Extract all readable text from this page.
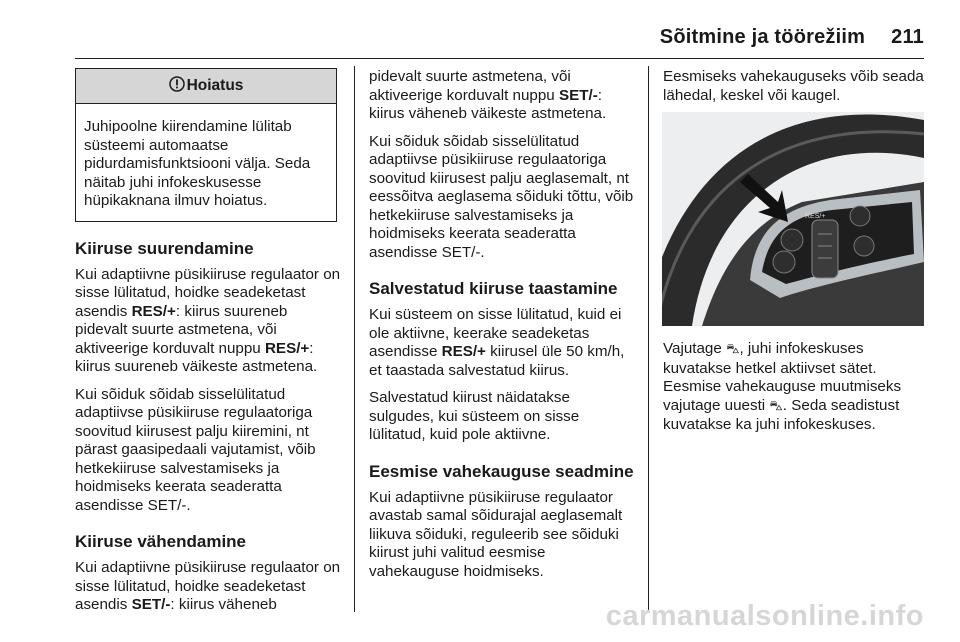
Sõitmine ja töörežiim 211
Hoiatus
Juhipoolne kiirendamine lülitab süsteemi automaatse pidurdamisfunktsiooni välja. Seda näitab juhi infokeskusesse hüpikaknana ilmuv hoiatus.
Kiiruse suurendamine

Kui adaptiivne püsikiiruse regulaator on sisse lülitatud, hoidke seadeketast asendis RES/+: kiirus suureneb pidevalt suurte astmetena, või aktiveerige korduvalt nuppu RES/+: kiirus suureneb väikeste astmetena.

Kui sõiduk sõidab sisselülitatud adaptiivse püsikiiruse regulaatoriga soovitud kiirusest palju kiiremini, nt pärast gaasipedaali vajutamist, võib hetkekiiruse salvestamiseks ja hoidmiseks keerata seaderatta asendisse SET/-.

Kiiruse vähendamine

Kui adaptiivne püsikiiruse regulaator on sisse lülitatud, hoidke seadeketast asendis SET/-: kiirus väheneb

pidevalt suurte astmetena, või aktiveerige korduvalt nuppu SET/-: kiirus väheneb väikeste astmetena.

Kui sõiduk sõidab sisselülitatud adaptiivse püsikiiruse regulaatoriga soovitud kiirusest palju aeglasemalt, nt eessõitva aeglasema sõiduki tõttu, võib hetkekiiruse salvestamiseks ja hoidmiseks keerata seaderatta asendisse SET/-.

Salvestatud kiiruse taastamine

Kui süsteem on sisse lülitatud, kuid ei ole aktiivne, keerake seadeketas asendisse RES/+ kiirusel üle 50 km/h, et taastada salvestatud kiirus.

Salvestatud kiirust näidatakse sulgudes, kui süsteem on sisse lülitatud, kuid pole aktiivne.

Eesmise vahekauguse seadmine

Kui adaptiivne püsikiiruse regulaator avastab samal sõidurajal aeglasemalt liikuva sõiduki, reguleerib see sõiduki kiirust juhi valitud eesmise vahekauguse hoidmiseks.

Eesmiseks vahekauguseks võib seada lähedal, keskel või kaugel.

RES/+

Vajutage ⛍, juhi infokeskuses kuvatakse hetkel aktiivset sätet. Eesmise vahekauguse muutmiseks vajutage uuesti ⛍. Seda seadistust kuvatakse ka juhi infokeskuses.

carmanualsonline.info
